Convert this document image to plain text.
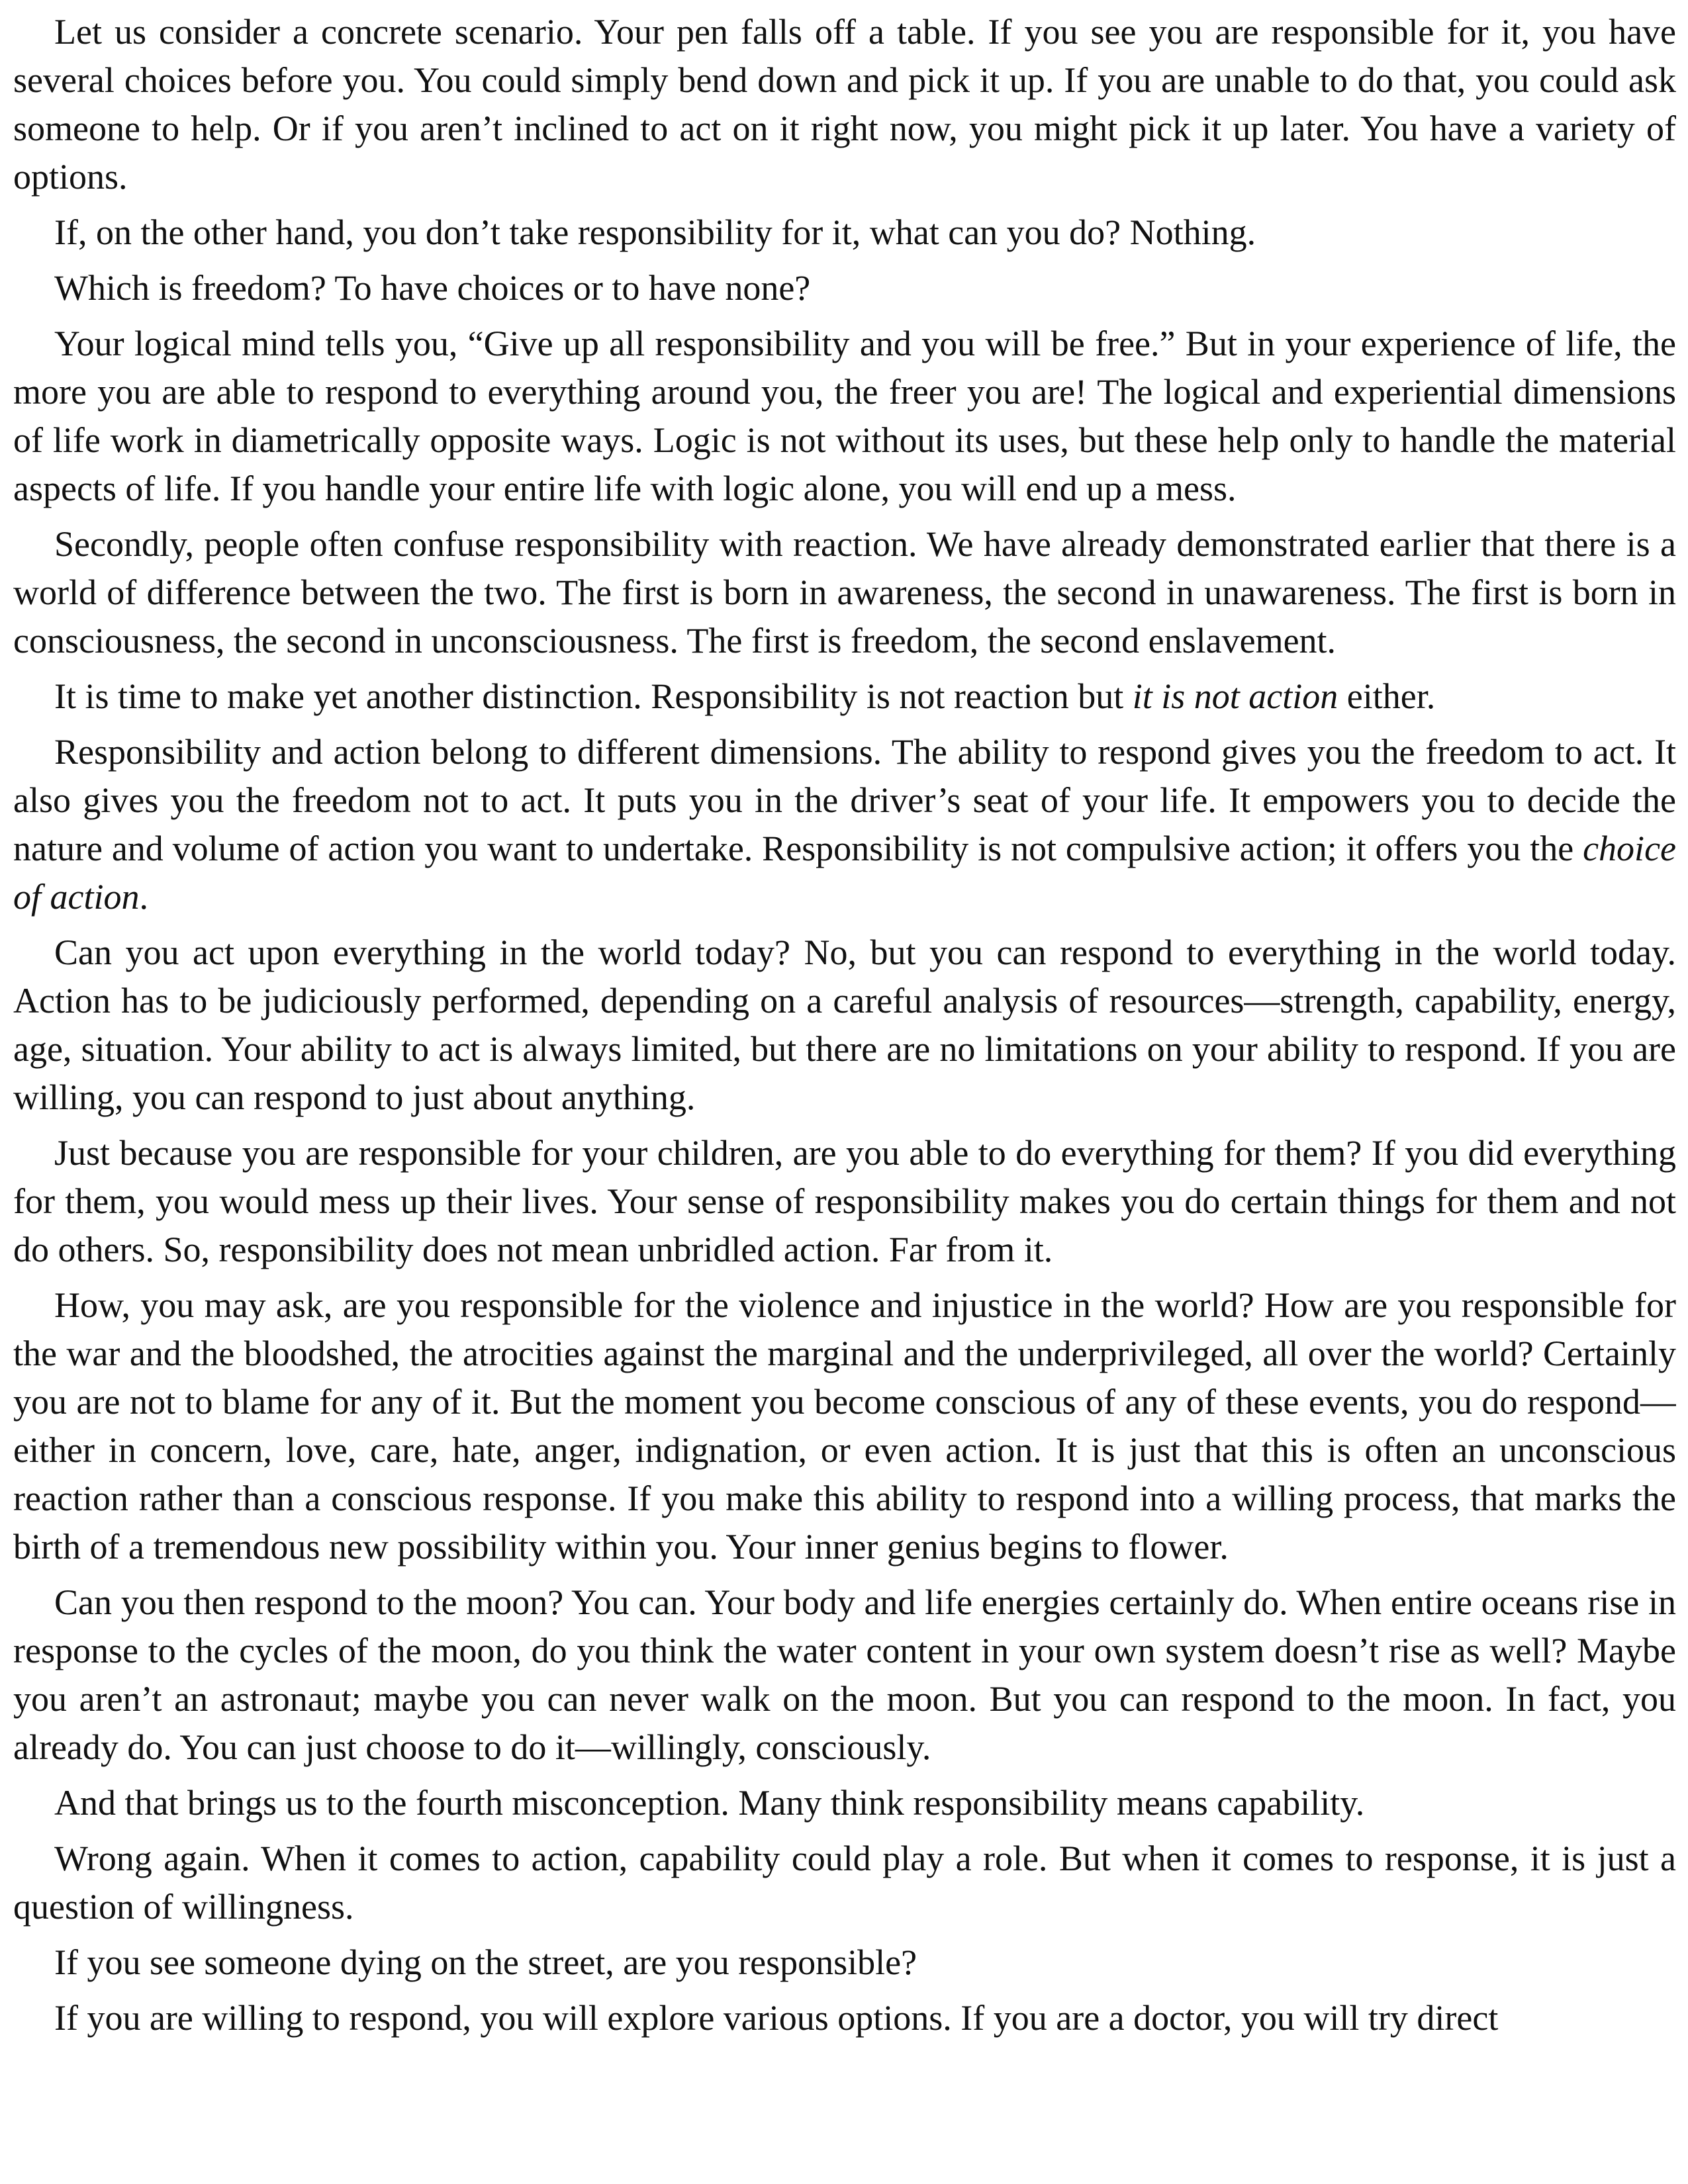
Let us consider a concrete scenario. Your pen falls off a table. If you see you are responsible for it, you have several choices before you. You could simply bend down and pick it up. If you are unable to do that, you could ask someone to help. Or if you aren’t inclined to act on it right now, you might pick it up later. You have a variety of options.

If, on the other hand, you don’t take responsibility for it, what can you do? Nothing.

Which is freedom? To have choices or to have none?

Your logical mind tells you, “Give up all responsibility and you will be free.” But in your experience of life, the more you are able to respond to everything around you, the freer you are! The logical and experiential dimensions of life work in diametrically opposite ways. Logic is not without its uses, but these help only to handle the material aspects of life. If you handle your entire life with logic alone, you will end up a mess.

Secondly, people often confuse responsibility with reaction. We have already demonstrated earlier that there is a world of difference between the two. The first is born in awareness, the second in unawareness. The first is born in consciousness, the second in unconsciousness. The first is freedom, the second enslavement.

It is time to make yet another distinction. Responsibility is not reaction but it is not action either.

Responsibility and action belong to different dimensions. The ability to respond gives you the freedom to act. It also gives you the freedom not to act. It puts you in the driver’s seat of your life. It empowers you to decide the nature and volume of action you want to undertake. Responsibility is not compulsive action; it offers you the choice of action.

Can you act upon everything in the world today? No, but you can respond to everything in the world today. Action has to be judiciously performed, depending on a careful analysis of resources—strength, capability, energy, age, situation. Your ability to act is always limited, but there are no limitations on your ability to respond. If you are willing, you can respond to just about anything.

Just because you are responsible for your children, are you able to do everything for them? If you did everything for them, you would mess up their lives. Your sense of responsibility makes you do certain things for them and not do others. So, responsibility does not mean unbridled action. Far from it.

How, you may ask, are you responsible for the violence and injustice in the world? How are you responsible for the war and the bloodshed, the atrocities against the marginal and the underprivileged, all over the world? Certainly you are not to blame for any of it. But the moment you become conscious of any of these events, you do respond—either in concern, love, care, hate, anger, indignation, or even action. It is just that this is often an unconscious reaction rather than a conscious response. If you make this ability to respond into a willing process, that marks the birth of a tremendous new possibility within you. Your inner genius begins to flower.

Can you then respond to the moon? You can. Your body and life energies certainly do. When entire oceans rise in response to the cycles of the moon, do you think the water content in your own system doesn’t rise as well? Maybe you aren’t an astronaut; maybe you can never walk on the moon. But you can respond to the moon. In fact, you already do. You can just choose to do it—willingly, consciously.

And that brings us to the fourth misconception. Many think responsibility means capability.

Wrong again. When it comes to action, capability could play a role. But when it comes to response, it is just a question of willingness.

If you see someone dying on the street, are you responsible?

If you are willing to respond, you will explore various options. If you are a doctor, you will try direct
